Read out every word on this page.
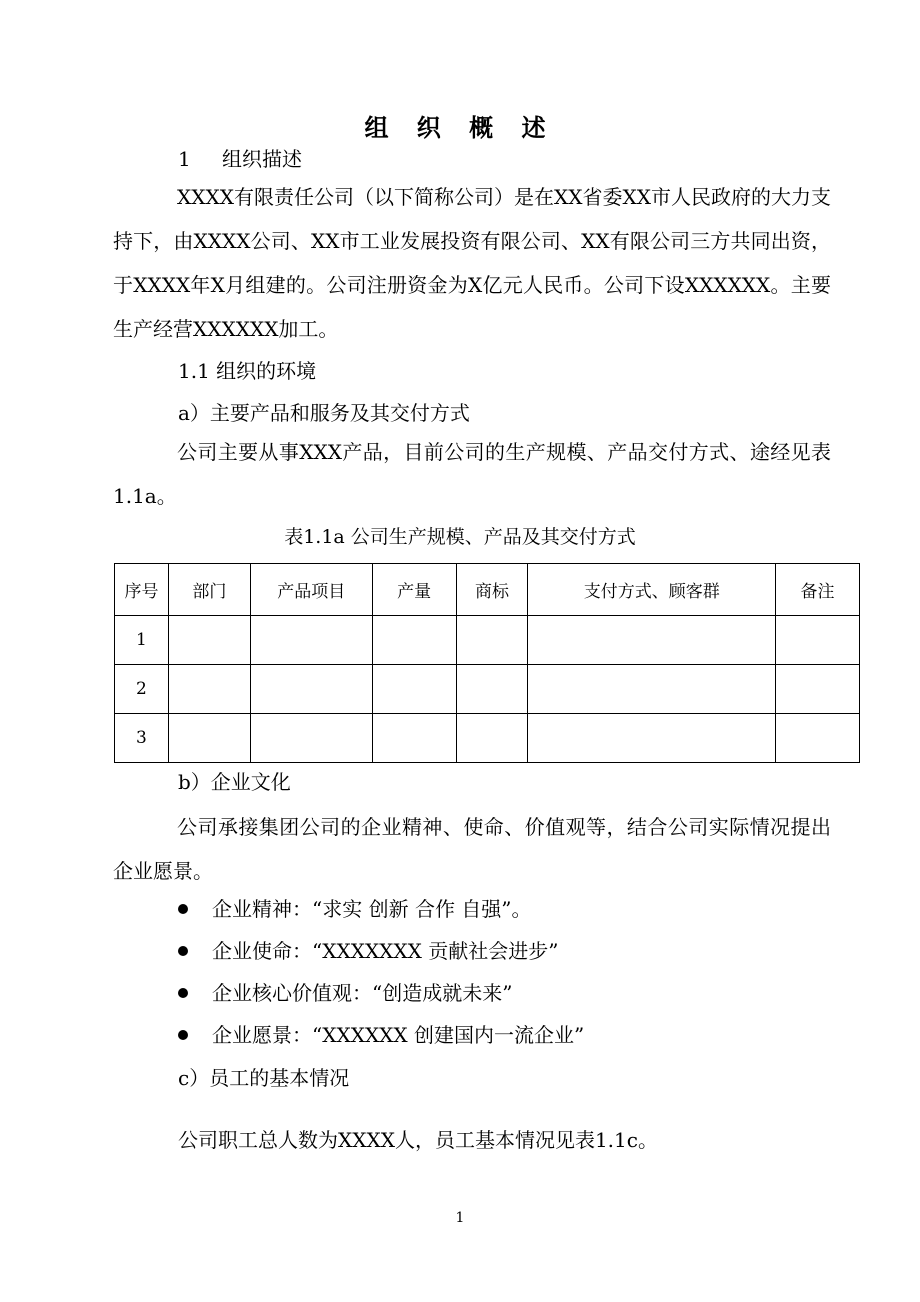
组 织 概 述
1 组织描述
XXXX有限责任公司（以下简称公司）是在XX省委XX市人民政府的大力支持下，由XXXX公司、XX市工业发展投资有限公司、XX有限公司三方共同出资，于XXXX年X月组建的。公司注册资金为X亿元人民币。公司下设XXXXXX。主要生产经营XXXXXX加工。
1.1 组织的环境
a）主要产品和服务及其交付方式
公司主要从事XXX产品，目前公司的生产规模、产品交付方式、途经见表1.1a。
表1.1a 公司生产规模、产品及其交付方式
序号	部门	产品项目	产量	商标	支付方式、顾客群	备注
1						
2						
3						
b）企业文化
公司承接集团公司的企业精神、使命、价值观等，结合公司实际情况提出企业愿景。
企业精神：“求实 创新 合作 自强”。
企业使命：“XXXXXXX 贡献社会进步”
企业核心价值观：“创造成就未来”
企业愿景：“XXXXXX 创建国内一流企业”
c）员工的基本情况
公司职工总人数为XXXX人，员工基本情况见表1.1c。
1
